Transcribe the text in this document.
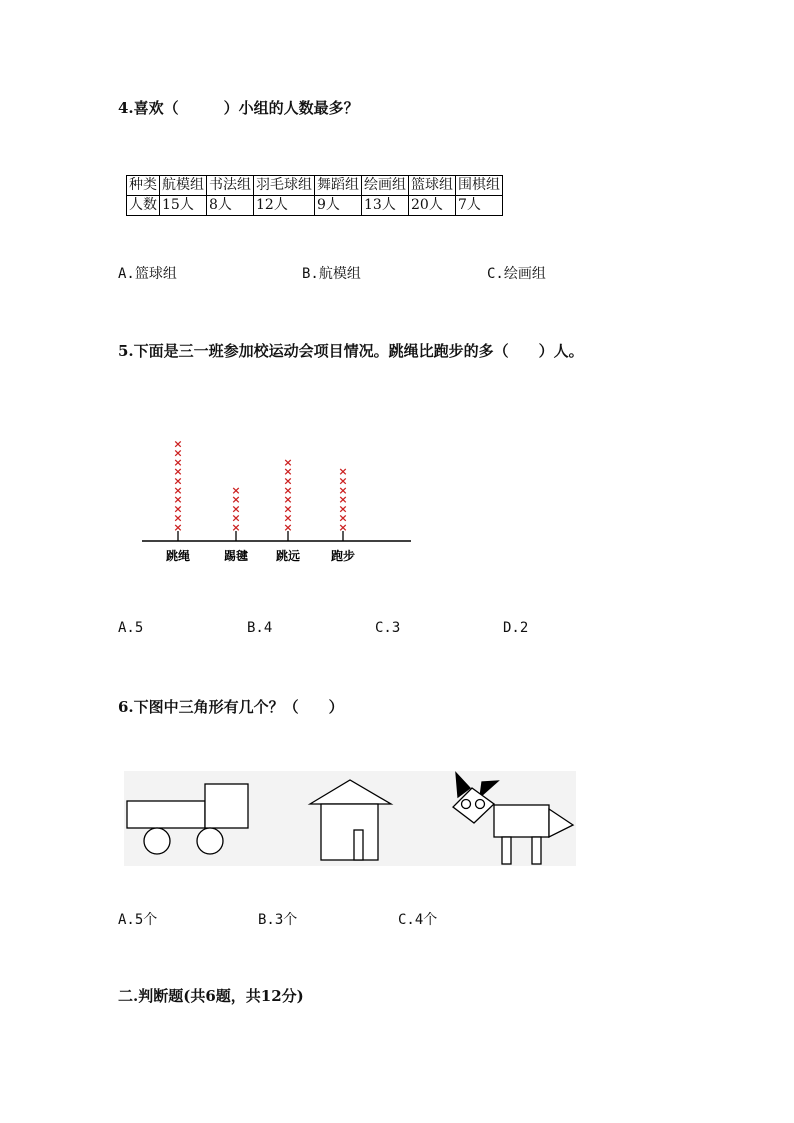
4.喜欢（　　　）小组的人数最多？
种类	航模组	书法组	羽毛球组	舞蹈组	绘画组	篮球组	围棋组
人数	15人	8人	12人	9人	13人	20人	7人
A.篮球组	B.航模组	C.绘画组
5.下面是三一班参加校运动会项目情况。跳绳比跑步的多（　　）人。
×
×
×
×
×
×
×
×
×
×
跳绳
×
×
×
×
×
踢毽
×
×
×
×
×
×
×
×
跳远
×
×
×
×
×
×
×
跑步
A.5	B.4	C.3	D.2
6.下图中三角形有几个？（　　）
A.5个	B.3个	C.4个
二.判断题(共6题，共12分)
